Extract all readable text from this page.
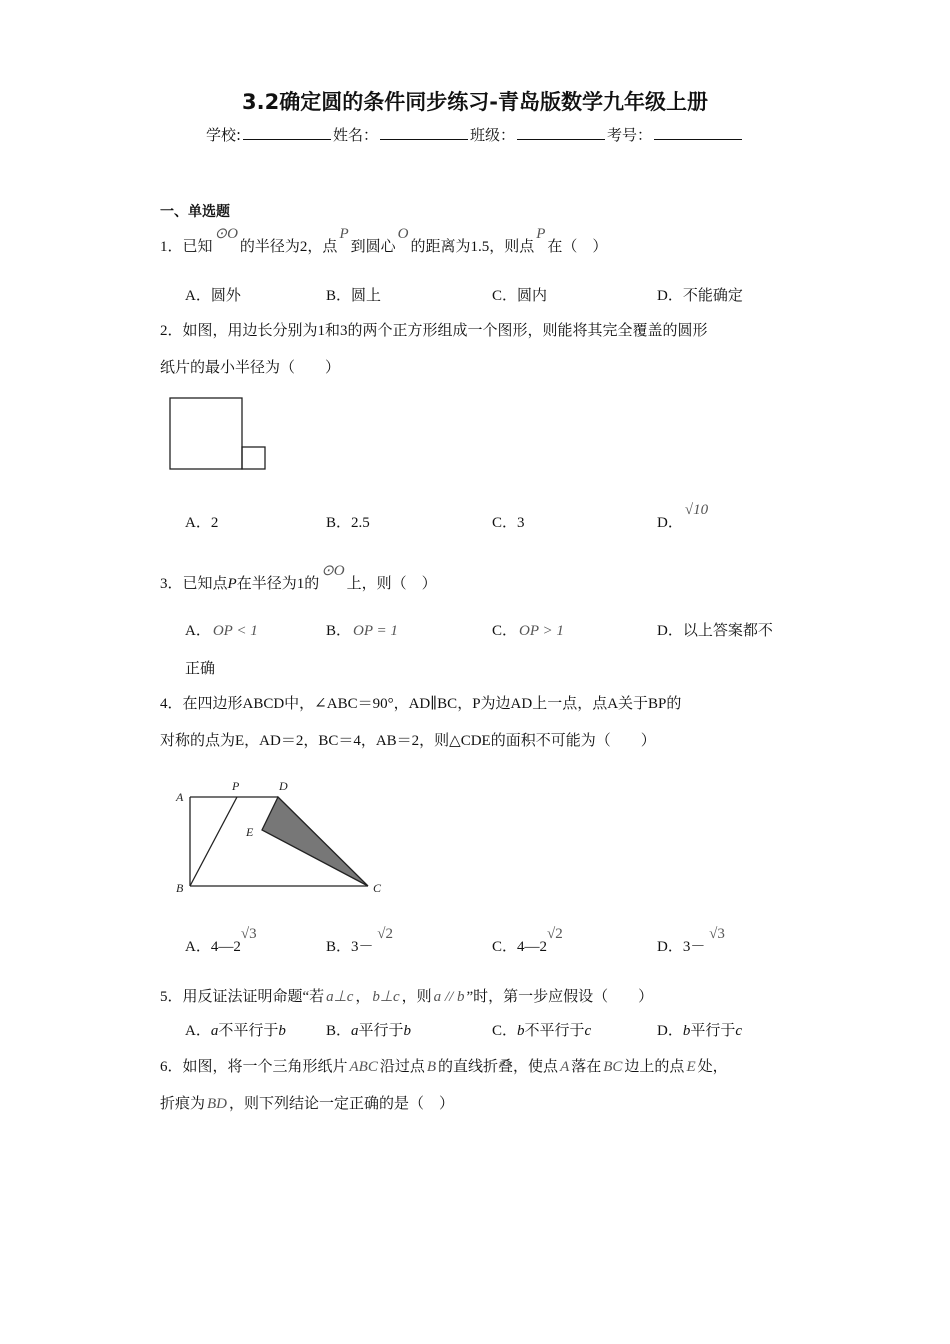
3.2确定圆的条件同步练习-青岛版数学九年级上册
学校:	姓名：	班级：	考号：
一、单选题
A
P	D
E
B	C
1．已知⊙O的半径为2，点P到圆心O的距离为1.5，则点P在（　）
A．圆外	B．圆上	C．圆内	D．不能确定
2．如图，用边长分别为1和3的两个正方形组成一个图形，则能将其完全覆盖的圆形
纸片的最小半径为（　　）
A．2	B．2.5	C．3	D．√10
3．已知点P在半径为1的⊙O上，则（　）
A． OP < 1	B． OP = 1	C． OP > 1	D．以上答案都不
正确
4．在四边形ABCD中，∠ABC＝90°，AD∥BC，P为边AD上一点，点A关于BP的
对称的点为E，AD＝2，BC＝4，AB＝2，则△CDE的面积不可能为（　　）
A．4—2√3
B．3－ √2
C．4—2√2
D．3－ √3
5．用反证法证明命题“若 a⊥c ， b⊥c ，则 a // b ”时，第一步应假设（　　）
A．a不平行于b	B．a平行于b	C．b不平行于c	D．b平行于c
6．如图，将一个三角形纸片 ABC 沿过点 B 的直线折叠，使点 A 落在 BC 边上的点 E 处，
折痕为 BD ，则下列结论一定正确的是（　）
